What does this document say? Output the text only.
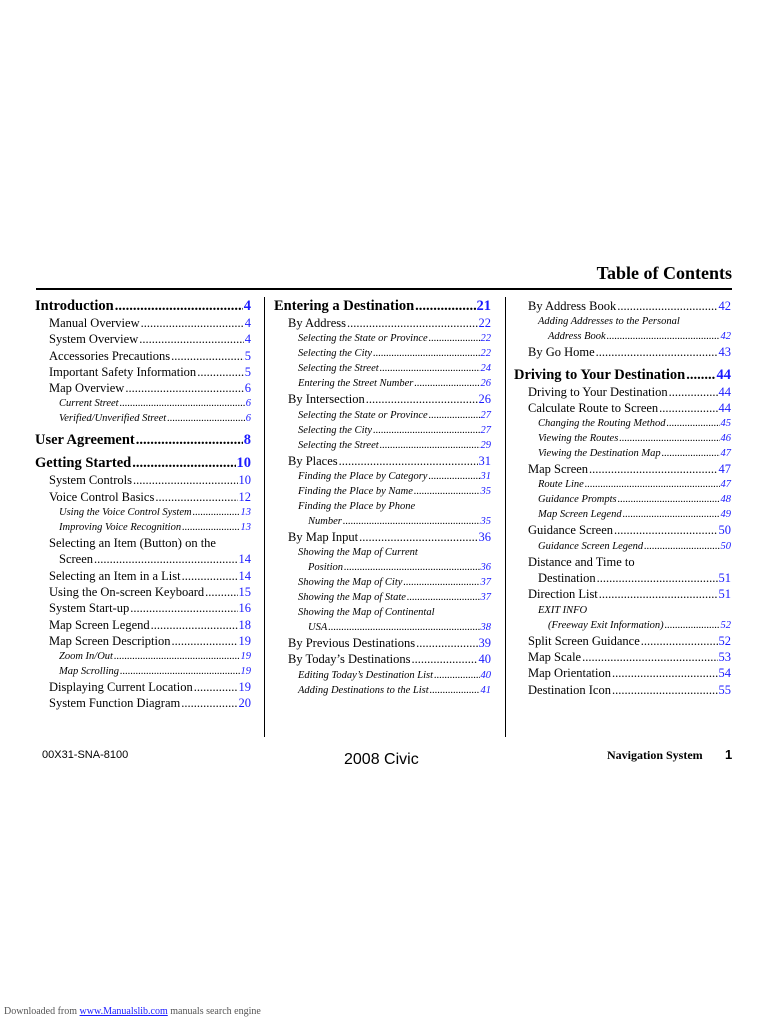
Table of Contents
Introduction .....	4
Manual Overview .....	4
System Overview .....	4
Accessories Precautions .....	5
Important Safety Information .....	5
Map Overview .....	6
Current Street .....	6
Verified/Unverified Street .....	6
User Agreement .....	8
Getting Started .....	10
System Controls .....	10
Voice Control Basics .....	12
Using the Voice Control System .....	13
Improving Voice Recognition .....	13
Selecting an Item (Button) on the
Screen .....	14
Selecting an Item in a List .....	14
Using the On-screen Keyboard .....	15
System Start-up .....	16
Map Screen Legend .....	18
Map Screen Description .....	19
Zoom In/Out .....	19
Map Scrolling .....	19
Displaying Current Location .....	19
System Function Diagram .....	20
Entering a Destination .....	21
By Address .....	22
Selecting the State or Province .....	22
Selecting the City .....	22
Selecting the Street .....	24
Entering the Street Number .....	26
By Intersection .....	26
Selecting the State or Province .....	27
Selecting the City .....	27
Selecting the Street .....	29
By Places .....	31
Finding the Place by Category .....	31
Finding the Place by Name .....	35
Finding the Place by Phone
Number .....	35
By Map Input .....	36
Showing the Map of Current
Position .....	36
Showing the Map of City .....	37
Showing the Map of State .....	37
Showing the Map of Continental
USA .....	38
By Previous Destinations .....	39
By Today’s Destinations .....	40
Editing Today’s Destination List .....	40
Adding Destinations to the List .....	41
By Address Book .....	42
Adding Addresses to the Personal
Address Book .....	42
By Go Home .....	43
Driving to Your Destination ..... 44
Driving to Your Destination .....	44
Calculate Route to Screen .....	44
Changing the Routing Method .....	45
Viewing the Routes .....	46
Viewing the Destination Map .....	47
Map Screen .....	47
Route Line .....	47
Guidance Prompts .....	48
Map Screen Legend .....	49
Guidance Screen .....	50
Guidance Screen Legend .....	50
Distance and Time to
Destination .....	51
Direction List .....	51
EXIT INFO
(Freeway Exit Information) .....	52
Split Screen Guidance .....	52
Map Scale .....	53
Map Orientation .....	54
Destination Icon .....	55
00X31-SNA-8100	2008 Civic	Navigation System 1
Downloaded from www.Manualslib.com manuals search engine
